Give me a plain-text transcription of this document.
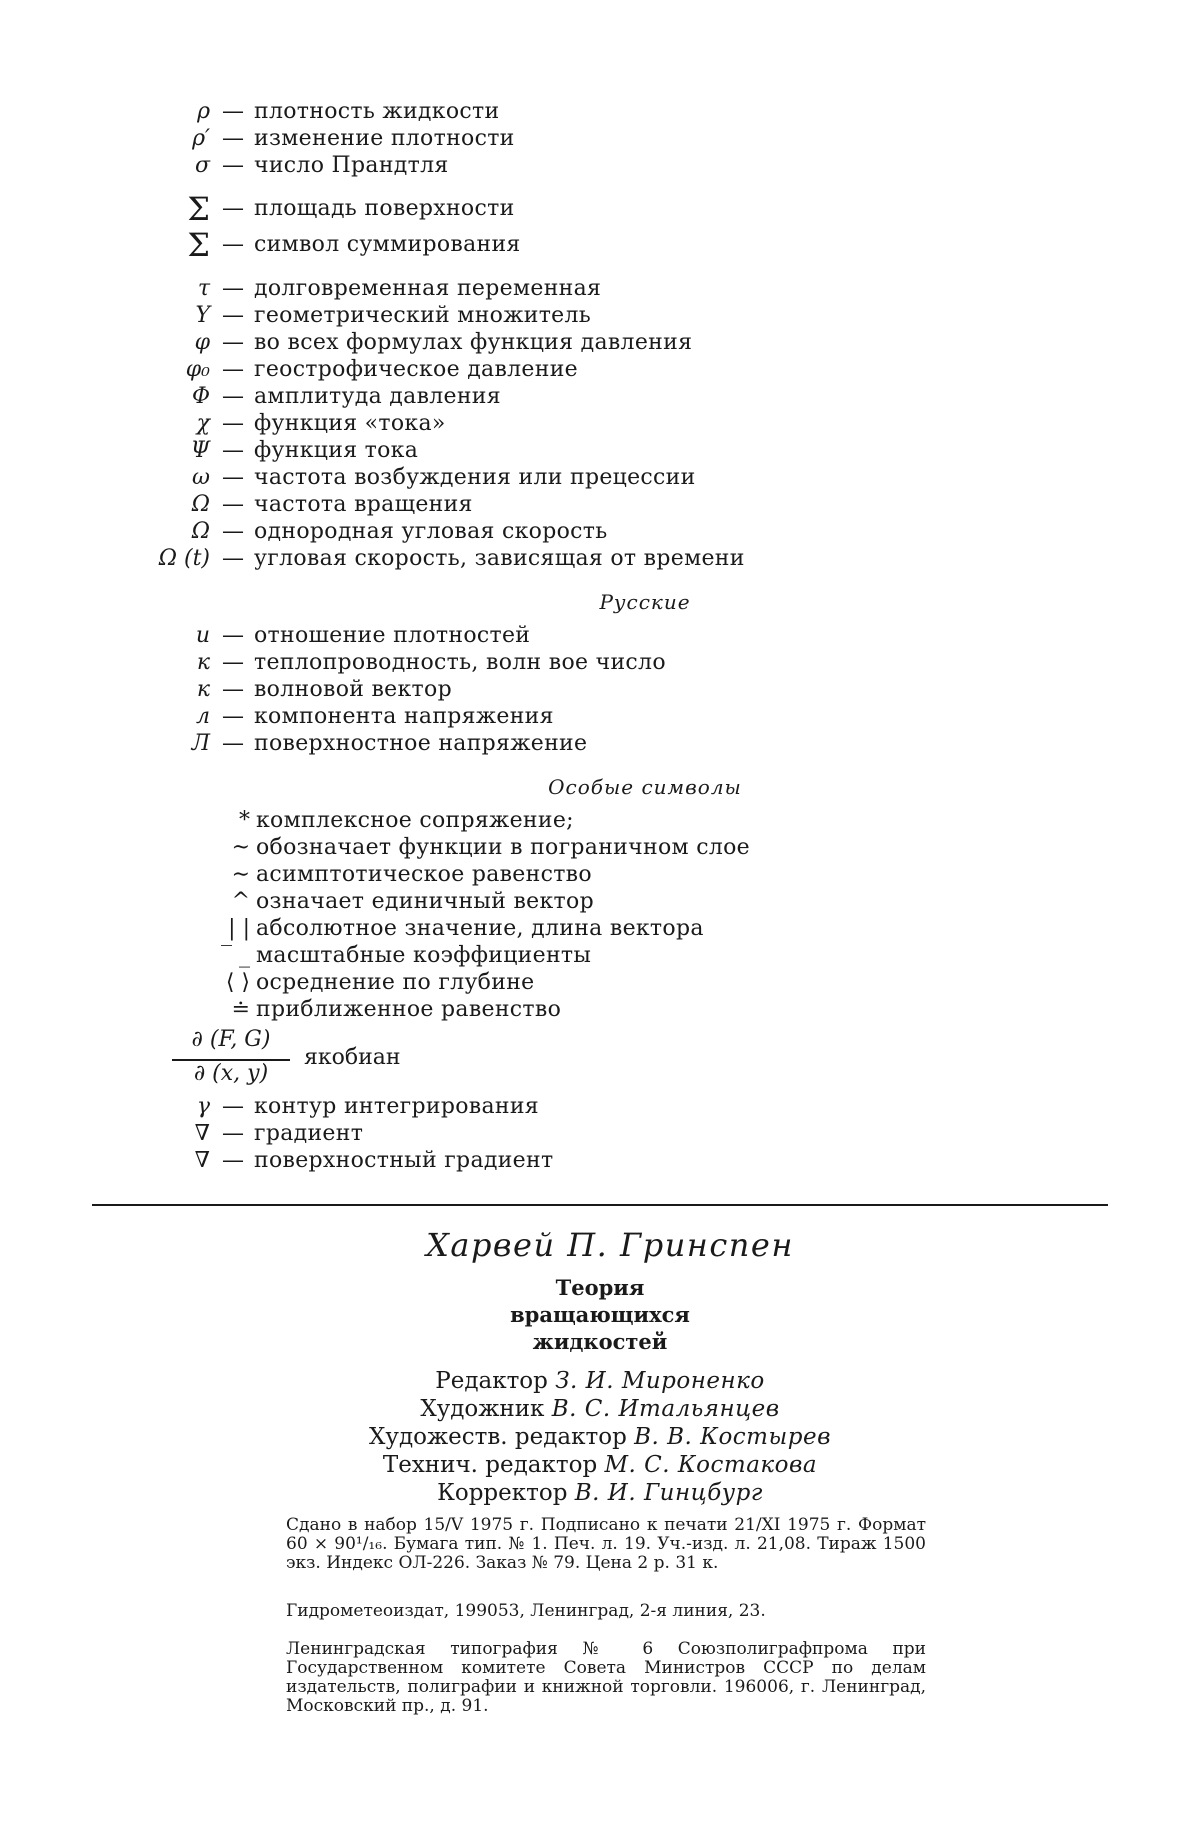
ρ — плотность жидкости
ρ′ — изменение плотности
σ — число Прандтля
Σ — площадь поверхности
Σ — символ суммирования
τ — долговременная переменная
Υ — геометрический множитель
φ — во всех формулах функция давления
φ₀ — геострофическое давление
Φ — амплитуда давления
χ — функция «тока»
Ψ — функция тока
ω — частота возбуждения или прецессии
Ω — частота вращения
Ω — однородная угловая скорость
Ω (t) — угловая скорость, зависящая от времени
Русские
и — отношение плотностей
к — теплопроводность, волн вое число
к — волновой вектор
л — компонента напряжения
Л — поверхностное напряжение
Особые символы
* комплексное сопряжение;
~ обозначает функции в пограничном слое
∼ асимптотическое равенство
^ означает единичный вектор
| | абсолютное значение, длина вектора
‾ _ масштабные коэффициенты
⟨ ⟩ осреднение по глубине
≐ приближенное равенство
∂ (F, G)
∂ (x, y)
якобиан
γ — контур интегрирования
∇ — градиент
∇ — поверхностный градиент
Харвей П. Гринспен
Теория
вращающихся
жидкостей
Редактор З. И. Мироненко
Художник В. С. Итальянцев
Художеств. редактор В. В. Костырев
Технич. редактор М. С. Костакова
Корректор В. И. Гинцбург

Сдано в набор 15/V 1975 г. Подписано к печати 21/XI 1975 г. Формат 60 × 90¹/₁₆. Бумага тип. № 1. Печ. л. 19. Уч.-изд. л. 21,08. Тираж 1500 экз. Индекс ОЛ-226. Заказ № 79. Цена 2 р. 31 к.

Гидрометеоиздат, 199053, Ленинград, 2-я линия, 23.

Ленинградская типография № 6 Союзполиграфпрома при Государственном комитете Совета Министров СССР по делам издательств, полиграфии и книжной торговли. 196006, г. Ленинград, Московский пр., д. 91.
